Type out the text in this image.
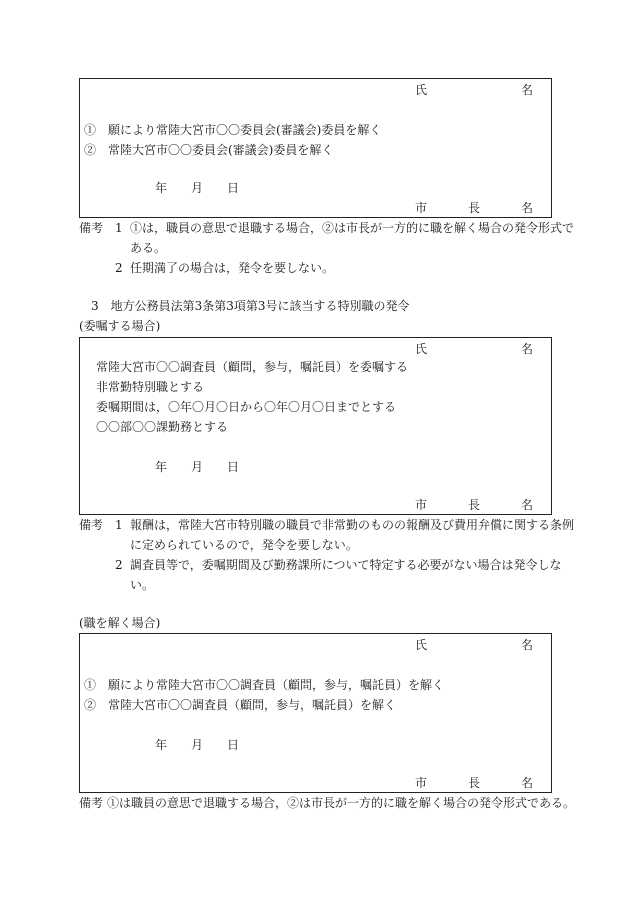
氏	名
①　願により常陸大宮市〇〇委員会(審議会)委員を解く
②　常陸大宮市〇〇委員会(審議会)委員を解く
年 月 日
市	長	名
備考 1 ①は，職員の意思で退職する場合，②は市長が一方的に職を解く場合の発令形式で
ある。
2 任期満了の場合は，発令を要しない。
3　地方公務員法第3条第3項第3号に該当する特別職の発令
(委嘱する場合)
氏	名
常陸大宮市〇〇調査員（顧問，参与，嘱託員）を委嘱する
非常勤特別職とする
委嘱期間は，〇年〇月〇日から〇年〇月〇日までとする
〇〇部〇〇課勤務とする
年 月 日
市	長	名
備考 1 報酬は，常陸大宮市特別職の職員で非常勤のものの報酬及び費用弁償に関する条例
に定められているので，発令を要しない。
2 調査員等で，委嘱期間及び勤務課所について特定する必要がない場合は発令しな
い。
(職を解く場合)
氏	名
①　願により常陸大宮市〇〇調査員（顧問，参与，嘱託員）を解く
②　常陸大宮市〇〇調査員（顧問，参与，嘱託員）を解く
年 月 日
市	長	名
備考 ①は職員の意思で退職する場合，②は市長が一方的に職を解く場合の発令形式である。
